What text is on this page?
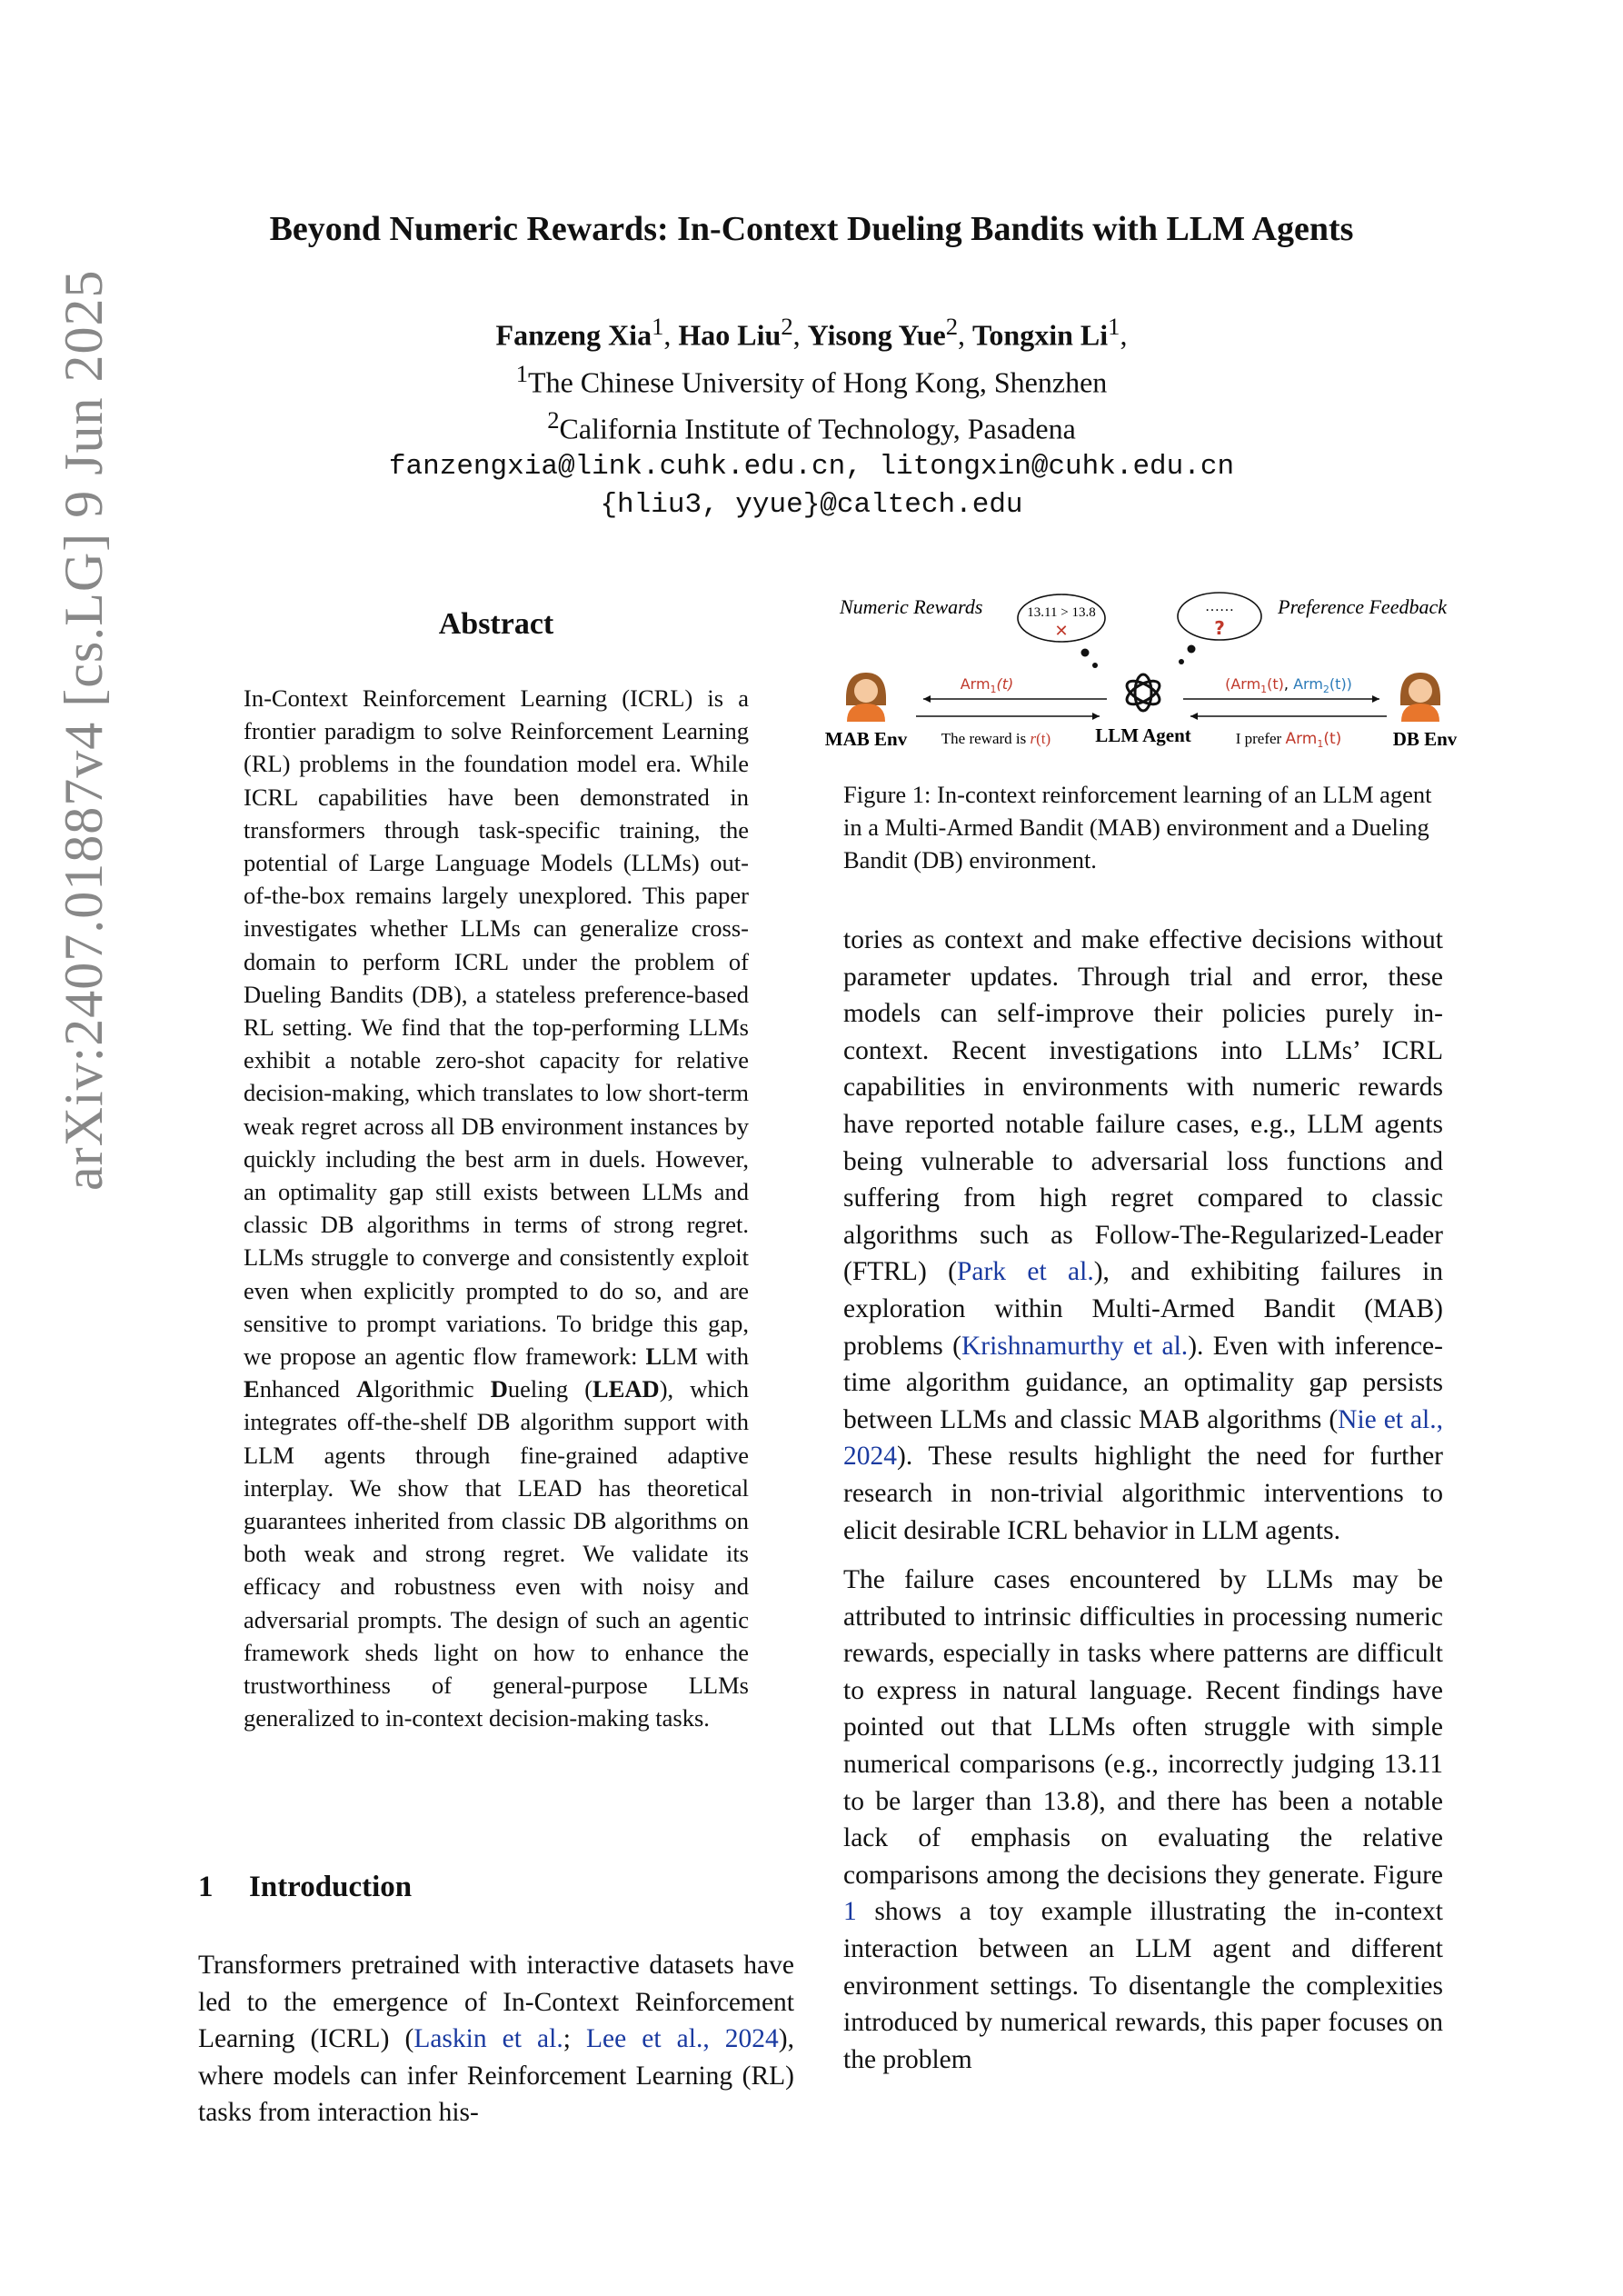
Beyond Numeric Rewards: In-Context Dueling Bandits with LLM Agents
Fanzeng Xia$^1$, Hao Liu$^2$, Yisong Yue$^2$, Tongxin Li$^1$,
$^1$The Chinese University of Hong Kong, Shenzhen
$^2$California Institute of Technology, Pasadena
fanzengxia@link.cuhk.edu.cn, litongxin@cuhk.edu.cn
{hliu3, yyue}@caltech.edu
arXiv:2407.01887v4 [cs.LG] 9 Jun 2025	Abstract
In-Context Reinforcement Learning (ICRL) is a frontier paradigm to solve Reinforcement Learning (RL) problems in the foundation model era. While ICRL capabilities have been demonstrated in transformers through task-specific training, the potential of Large Language Models (LLMs) out-of-the-box remains largely unexplored. This paper investigates whether LLMs can generalize cross-domain to perform ICRL under the problem of Dueling Bandits (DB), a stateless preference-based RL setting. We find that the top-performing LLMs exhibit a notable zero-shot capacity for relative decision-making, which translates to low short-term weak regret across all DB environment instances by quickly including the best arm in duels. However, an optimality gap still exists between LLMs and classic DB algorithms in terms of strong regret. LLMs struggle to converge and consistently exploit even when explicitly prompted to do so, and are sensitive to prompt variations. To bridge this gap, we propose an agentic flow framework: LLM with Enhanced Algorithmic Dueling (LEAD), which integrates off-the-shelf DB algorithm support with LLM agents through fine-grained adaptive interplay. We show that LEAD has theoretical guarantees inherited from classic DB algorithms on both weak and strong regret. We validate its efficacy and robustness even with noisy and adversarial prompts. The design of such an agentic framework sheds light on how to enhance the trustworthiness of general-purpose LLMs generalized to in-context decision-making tasks.
1 Introduction
Transformers pretrained with interactive datasets have led to the emergence of In-Context Reinforcement Learning (ICRL) (Laskin et al.; Lee et al., 2024), where models can infer Reinforcement Learning (RL) tasks from interaction his-
Numeric Rewards	Preference Feedback
13.11 > 13.8
✕
……
?
MAB Env	DB Env
LLM Agent
Arm$_1$(t)
The reward is r(t)
(Arm$_1$(t), Arm$_2$(t))
I prefer Arm$_1$(t)
Figure 1: In-context reinforcement learning of an LLM agent in a Multi-Armed Bandit (MAB) environment and a Dueling Bandit (DB) environment.

tories as context and make effective decisions without parameter updates. Through trial and error, these models can self-improve their policies purely in-context. Recent investigations into LLMs’ ICRL capabilities in environments with numeric rewards have reported notable failure cases, e.g., LLM agents being vulnerable to adversarial loss functions and suffering from high regret compared to classic algorithms such as Follow-The-Regularized-Leader (FTRL) (Park et al.), and exhibiting failures in exploration within Multi-Armed Bandit (MAB) problems (Krishnamurthy et al.). Even with inference-time algorithm guidance, an optimality gap persists between LLMs and classic MAB algorithms (Nie et al., 2024). These results highlight the need for further research in non-trivial algorithmic interventions to elicit desirable ICRL behavior in LLM agents.

The failure cases encountered by LLMs may be attributed to intrinsic difficulties in processing numeric rewards, especially in tasks where patterns are difficult to express in natural language. Recent findings have pointed out that LLMs often struggle with simple numerical comparisons (e.g., incorrectly judging 13.11 to be larger than 13.8), and there has been a notable lack of emphasis on evaluating the relative comparisons among the decisions they generate. Figure 1 shows a toy example illustrating the in-context interaction between an LLM agent and different environment settings. To disentangle the complexities introduced by numerical rewards, this paper focuses on the problem
